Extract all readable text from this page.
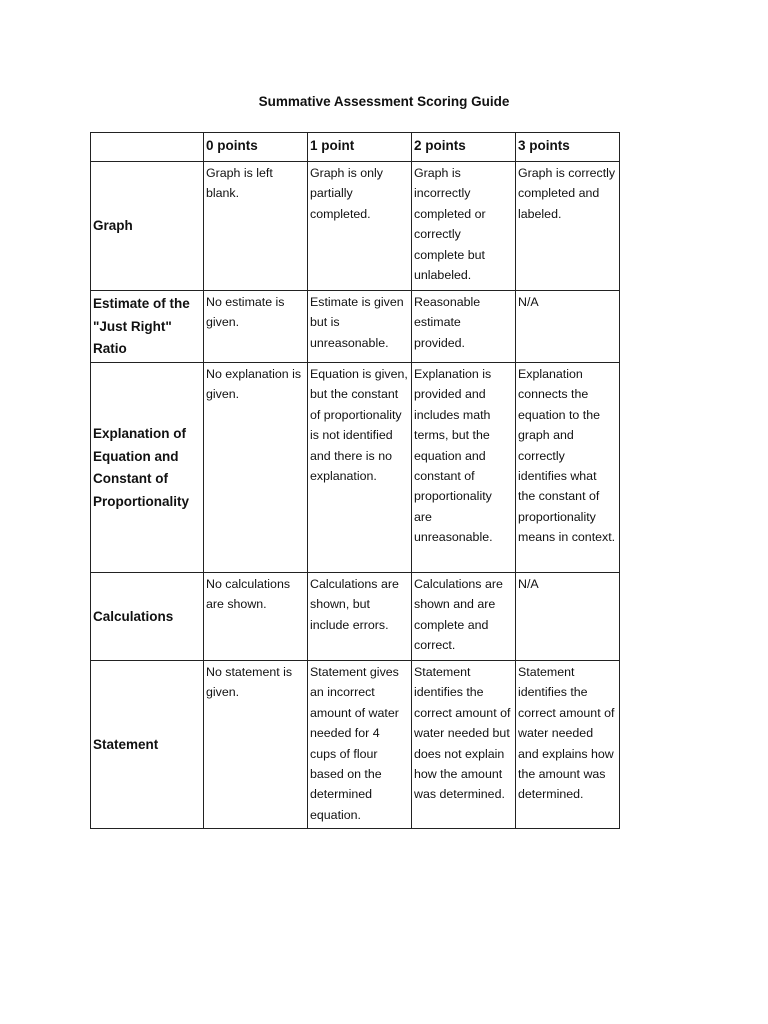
Summative Assessment Scoring Guide
	0 points	1 point	2 points	3 points
Graph	Graph is left blank.	Graph is only partially completed.	Graph is incorrectly completed or correctly complete but unlabeled.	Graph is correctly completed and labeled.
Estimate of the "Just Right" Ratio	No estimate is given.	Estimate is given but is unreasonable.	Reasonable estimate provided.	N/A
Explanation of Equation and Constant of Proportionality	No explanation is given.	Equation is given, but the constant of proportionality is not identified and there is no explanation.	Explanation is provided and includes math terms, but the equation and constant of proportionality are unreasonable.	Explanation connects the equation to the graph and correctly identifies what the constant of proportionality means in context.
Calculations	No calculations are shown.	Calculations are shown, but include errors.	Calculations are shown and are complete and correct.	N/A
Statement	No statement is given.	Statement gives an incorrect amount of water needed for 4 cups of flour based on the determined equation.	Statement identifies the correct amount of water needed but does not explain how the amount was determined.	Statement identifies the correct amount of water needed and explains how the amount was determined.
